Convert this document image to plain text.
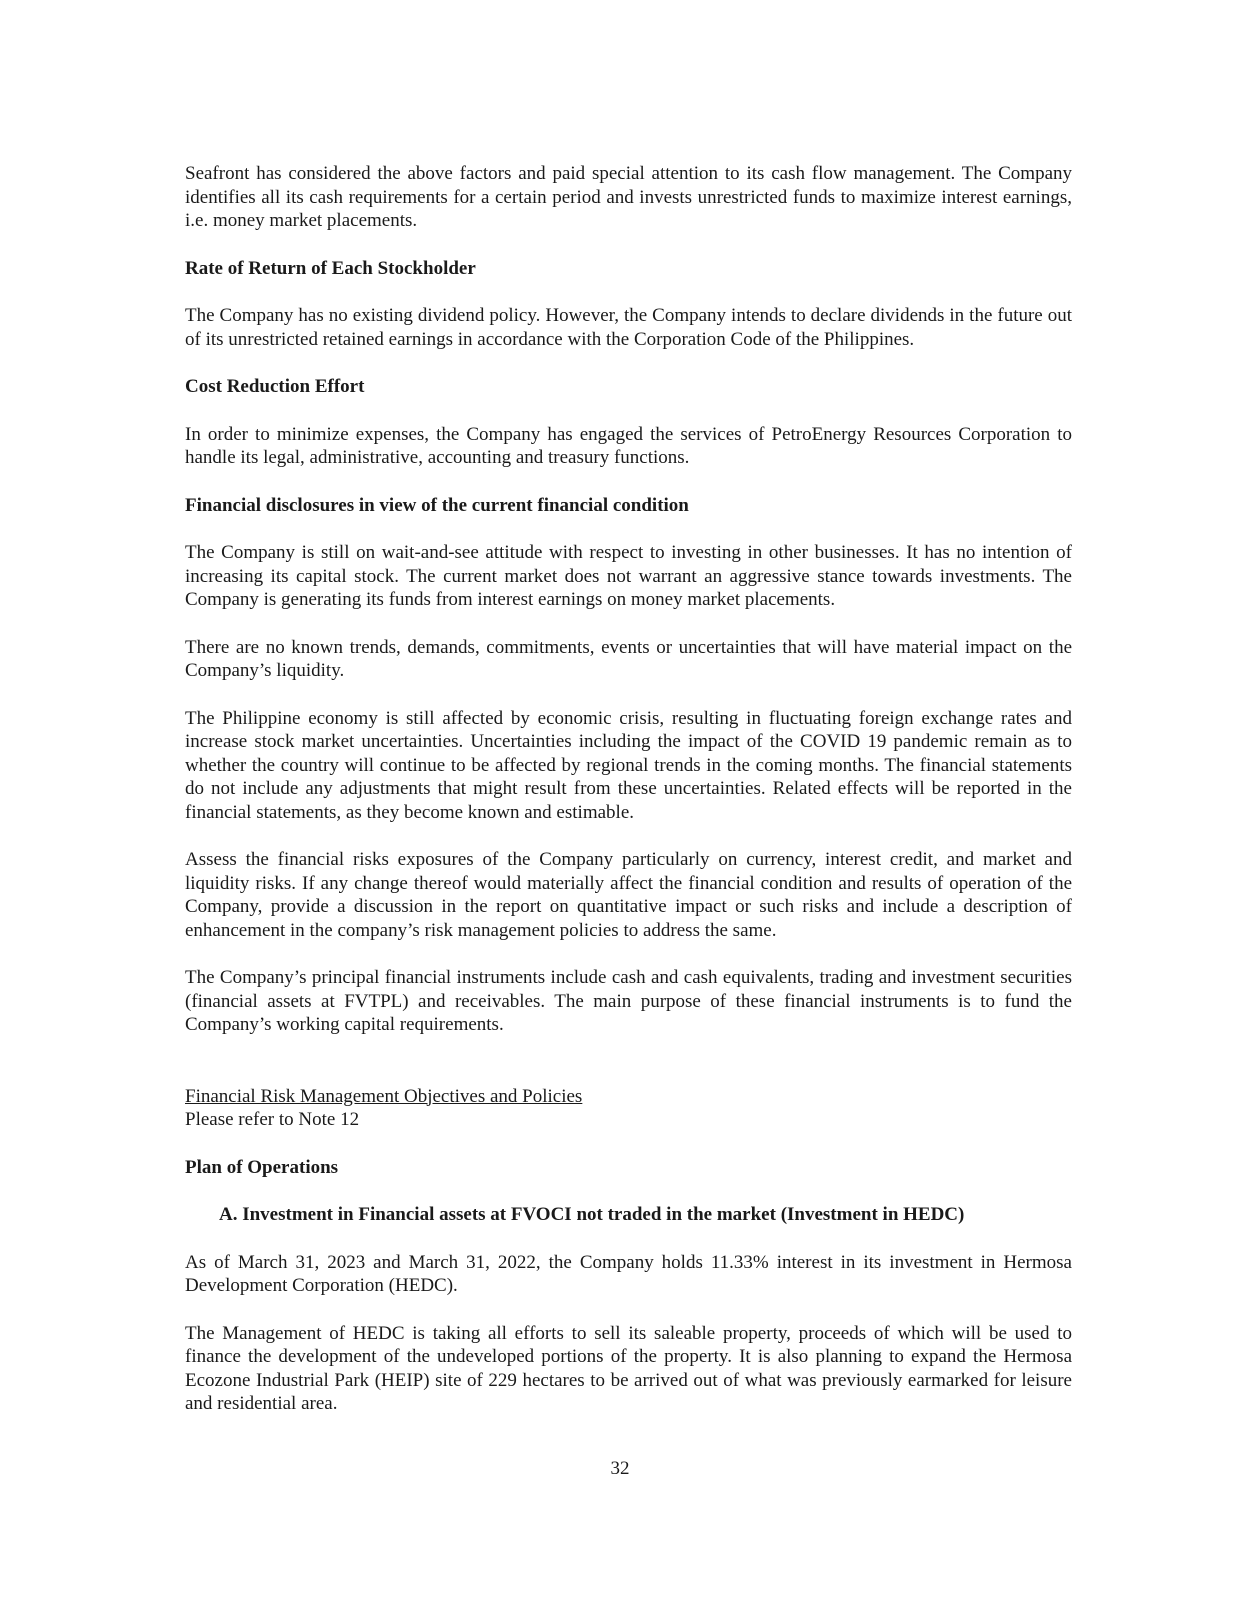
Seafront has considered the above factors and paid special attention to its cash flow management. The Company identifies all its cash requirements for a certain period and invests unrestricted funds to maximize interest earnings, i.e. money market placements.

Rate of Return of Each Stockholder

The Company has no existing dividend policy. However, the Company intends to declare dividends in the future out of its unrestricted retained earnings in accordance with the Corporation Code of the Philippines.

Cost Reduction Effort

In order to minimize expenses, the Company has engaged the services of PetroEnergy Resources Corporation to handle its legal, administrative, accounting and treasury functions.

Financial disclosures in view of the current financial condition

The Company is still on wait-and-see attitude with respect to investing in other businesses. It has no intention of increasing its capital stock. The current market does not warrant an aggressive stance towards investments. The Company is generating its funds from interest earnings on money market placements.

There are no known trends, demands, commitments, events or uncertainties that will have material impact on the Company’s liquidity.

The Philippine economy is still affected by economic crisis, resulting in fluctuating foreign exchange rates and increase stock market uncertainties. Uncertainties including the impact of the COVID 19 pandemic remain as to whether the country will continue to be affected by regional trends in the coming months. The financial statements do not include any adjustments that might result from these uncertainties. Related effects will be reported in the financial statements, as they become known and estimable.

Assess the financial risks exposures of the Company particularly on currency, interest credit, and market and liquidity risks. If any change thereof would materially affect the financial condition and results of operation of the Company, provide a discussion in the report on quantitative impact or such risks and include a description of enhancement in the company’s risk management policies to address the same.

The Company’s principal financial instruments include cash and cash equivalents, trading and investment securities (financial assets at FVTPL) and receivables. The main purpose of these financial instruments is to fund the Company’s working capital requirements.

Financial Risk Management Objectives and Policies
Please refer to Note 12
Plan of Operations
A. Investment in Financial assets at FVOCI not traded in the market (Investment in HEDC)

As of March 31, 2023 and March 31, 2022, the Company holds 11.33% interest in its investment in Hermosa Development Corporation (HEDC).

The Management of HEDC is taking all efforts to sell its saleable property, proceeds of which will be used to finance the development of the undeveloped portions of the property. It is also planning to expand the Hermosa Ecozone Industrial Park (HEIP) site of 229 hectares to be arrived out of what was previously earmarked for leisure and residential area.

32
